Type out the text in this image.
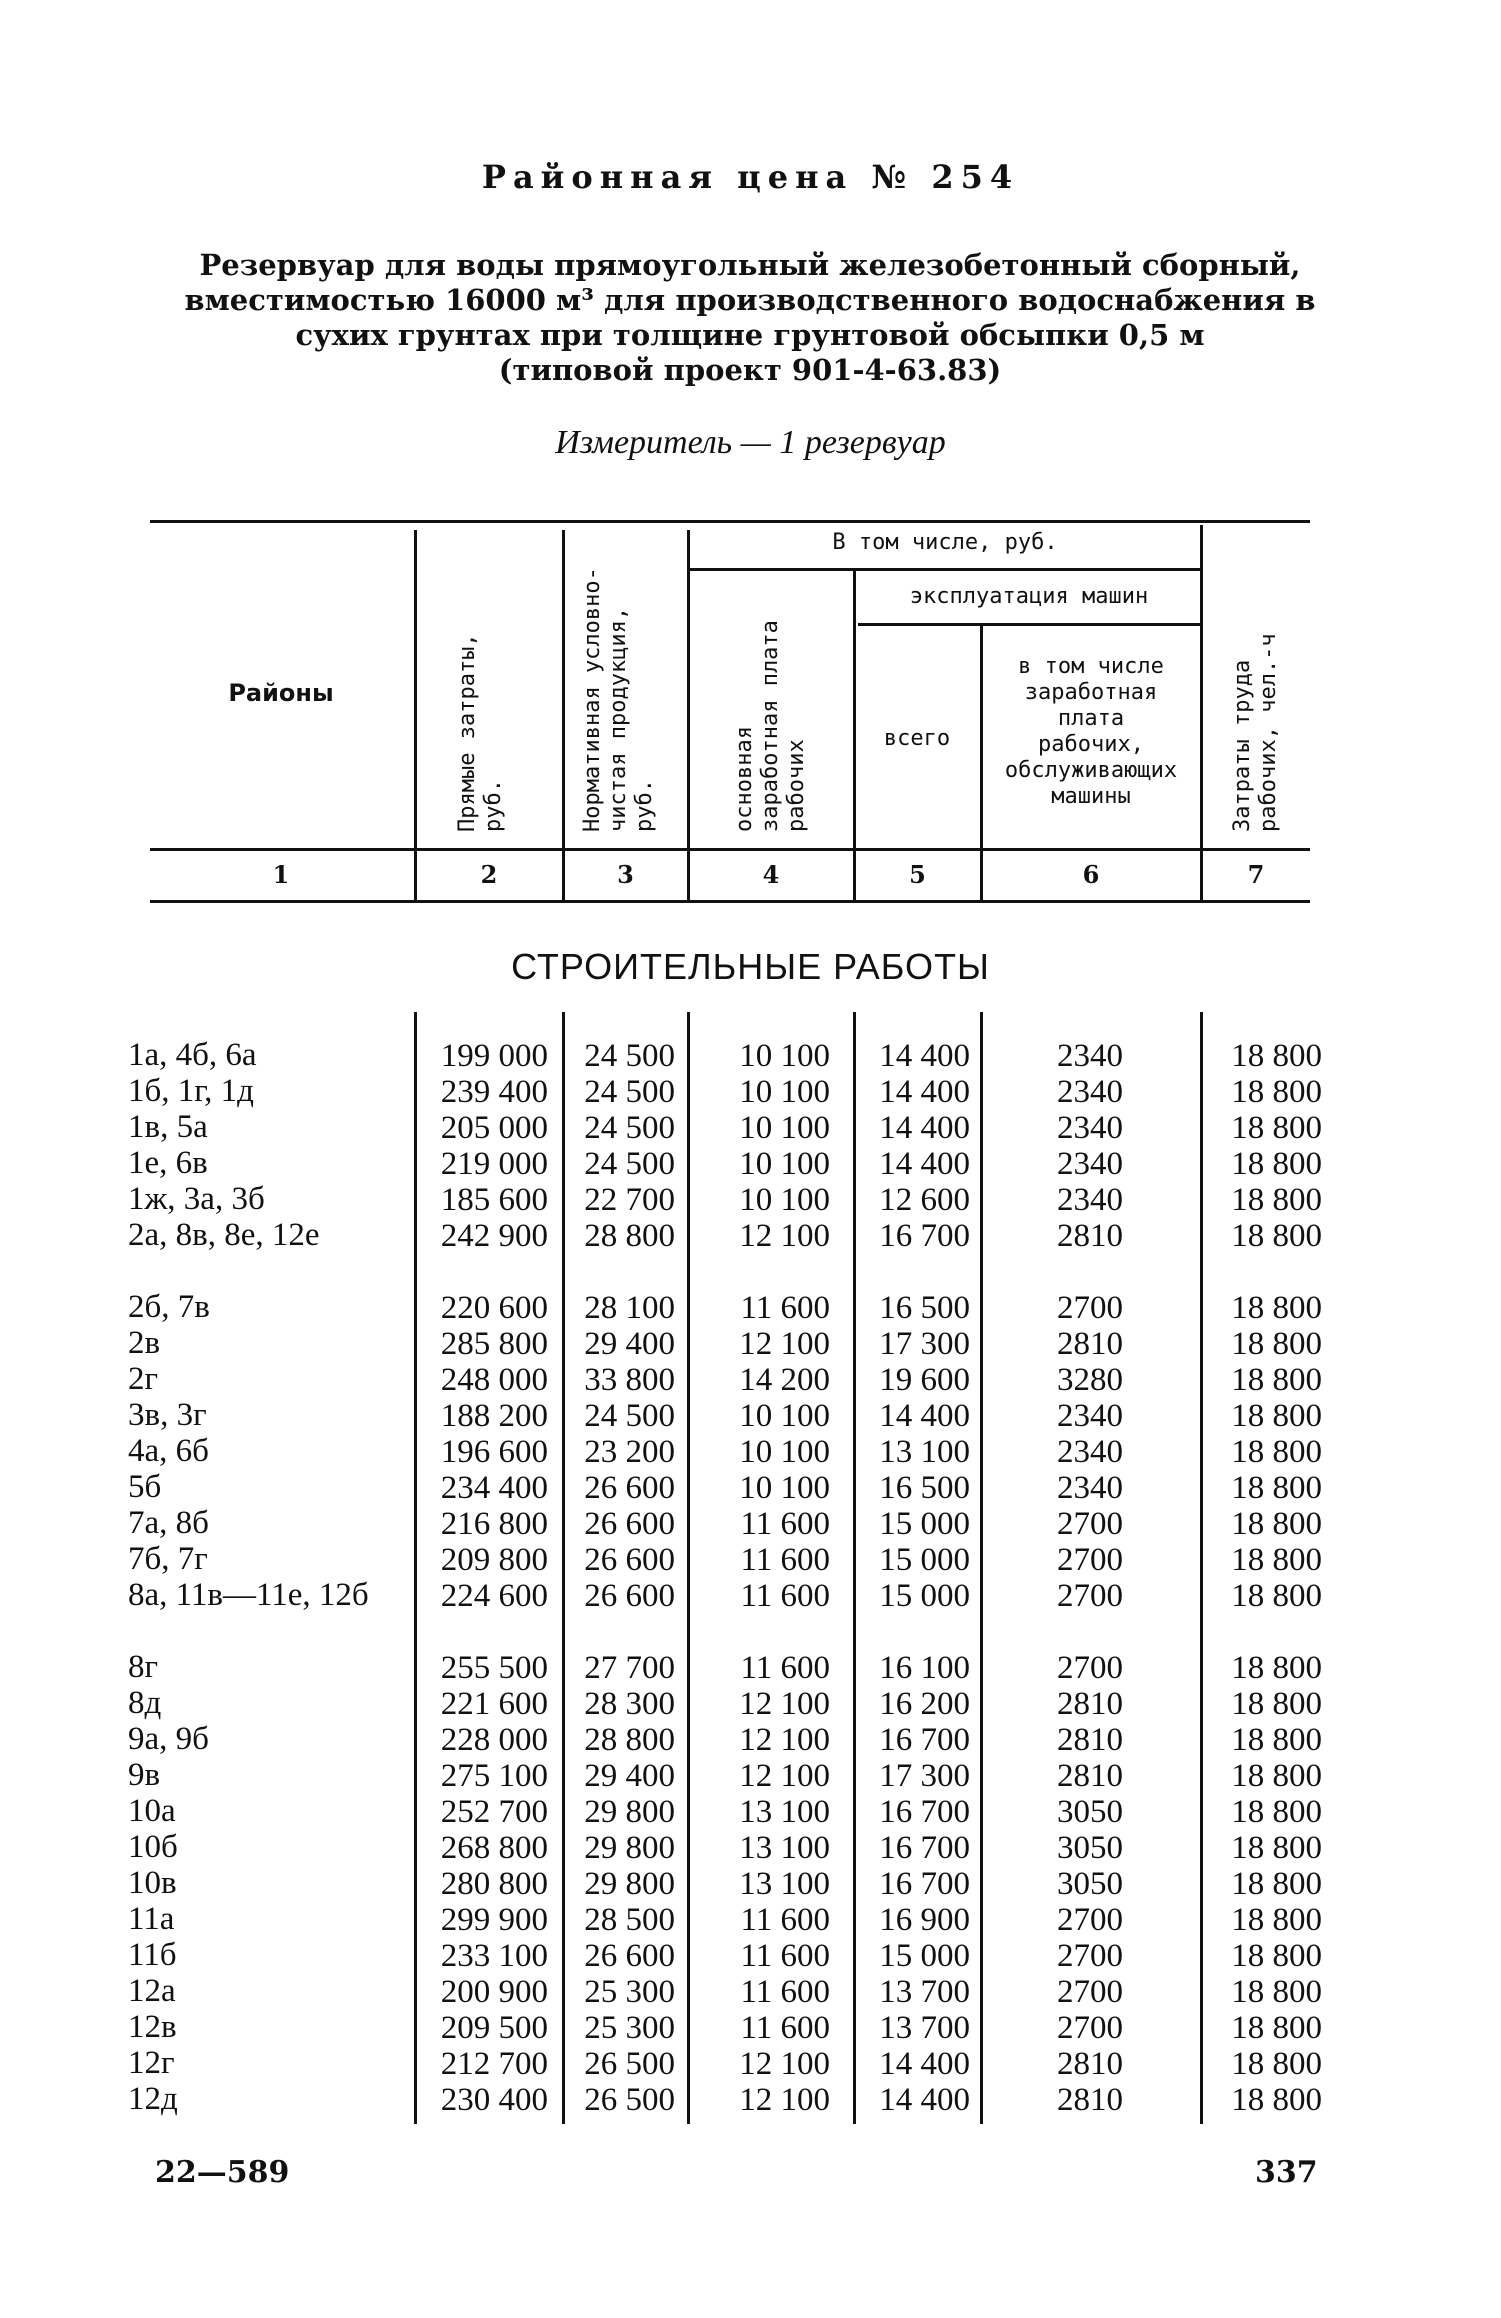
Районная цена № 254
Резервуар для воды прямоугольный железобетонный сборный,
вместимостью 16000 м³ для производственного водоснабжения в
сухих грунтах при толщине грунтовой обсыпки 0,5 м
(типовой проект 901-4-63.83)
Измеритель — 1 резервуар
Районы	Прямые затраты, руб.	Нормативная условно-чистая продукция, руб.
В том числе, руб.
основная заработная плата рабочих
эксплуатация машин
всего
в том числе заработная плата рабочих, обслуживающих машины	Затраты труда рабочих, чел.-ч
1	2	3	4	5	6	7
СТРОИТЕЛЬНЫЕ РАБОТЫ
1а, 4б, 6а	199 000	24 500	10 100	14 400	2340	18 800
1б, 1г, 1д	239 400	24 500	10 100	14 400	2340	18 800
1в, 5а	205 000	24 500	10 100	14 400	2340	18 800
1е, 6в	219 000	24 500	10 100	14 400	2340	18 800
1ж, 3а, 3б	185 600	22 700	10 100	12 600	2340	18 800
2а, 8в, 8е, 12е	242 900	28 800	12 100	16 700	2810	18 800
2б, 7в	220 600	28 100	11 600	16 500	2700	18 800
2в	285 800	29 400	12 100	17 300	2810	18 800
2г	248 000	33 800	14 200	19 600	3280	18 800
3в, 3г	188 200	24 500	10 100	14 400	2340	18 800
4а, 6б	196 600	23 200	10 100	13 100	2340	18 800
5б	234 400	26 600	10 100	16 500	2340	18 800
7а, 8б	216 800	26 600	11 600	15 000	2700	18 800
7б, 7г	209 800	26 600	11 600	15 000	2700	18 800
8а, 11в—11е, 12б	224 600	26 600	11 600	15 000	2700	18 800
8г	255 500	27 700	11 600	16 100	2700	18 800
8д	221 600	28 300	12 100	16 200	2810	18 800
9а, 9б	228 000	28 800	12 100	16 700	2810	18 800
9в	275 100	29 400	12 100	17 300	2810	18 800
10а	252 700	29 800	13 100	16 700	3050	18 800
10б	268 800	29 800	13 100	16 700	3050	18 800
10в	280 800	29 800	13 100	16 700	3050	18 800
11а	299 900	28 500	11 600	16 900	2700	18 800
11б	233 100	26 600	11 600	15 000	2700	18 800
12а	200 900	25 300	11 600	13 700	2700	18 800
12в	209 500	25 300	11 600	13 700	2700	18 800
12г	212 700	26 500	12 100	14 400	2810	18 800
12д	230 400	26 500	12 100	14 400	2810	18 800
22—589	337
